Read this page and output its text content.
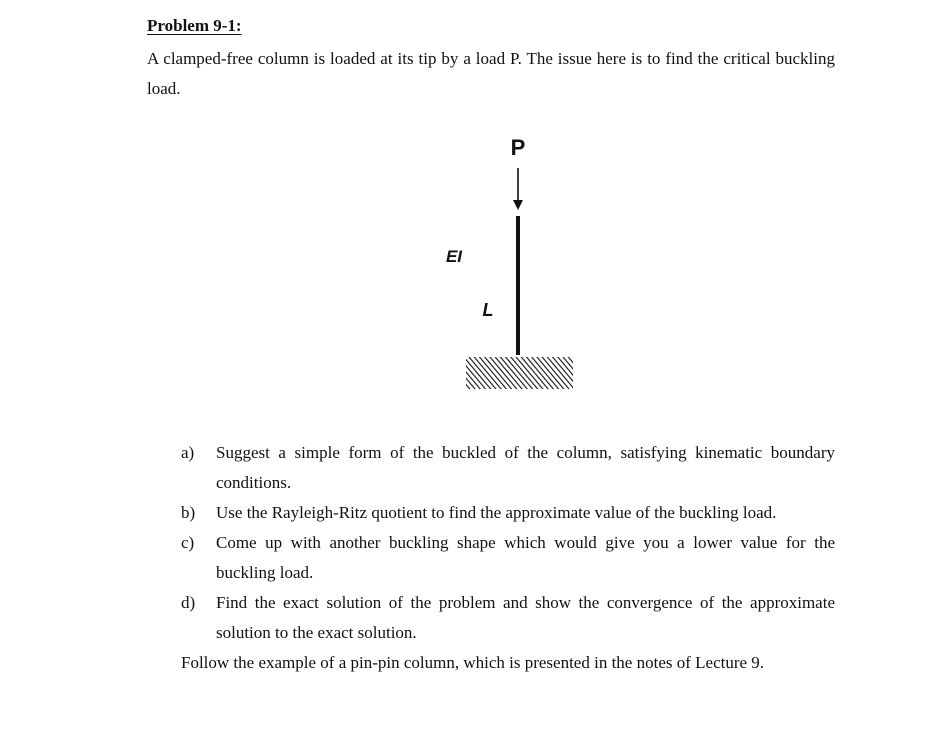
Problem 9-1:
A clamped-free column is loaded at its tip by a load P. The issue here is to find the critical buckling load.
P
EI
L
a) Suggest a simple form of the buckled of the column, satisfying kinematic boundary conditions.
b) Use the Rayleigh-Ritz quotient to find the approximate value of the buckling load.
c) Come up with another buckling shape which would give you a lower value for the buckling load.
d) Find the exact solution of the problem and show the convergence of the approximate solution to the exact solution.
Follow the example of a pin-pin column, which is presented in the notes of Lecture 9.
